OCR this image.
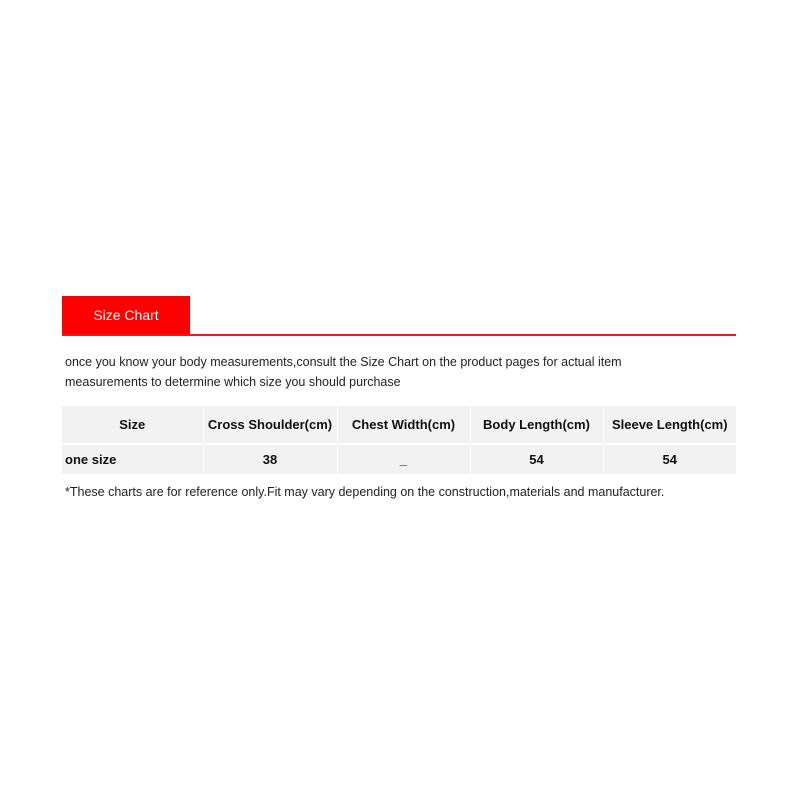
Size Chart
once you know your body measurements,consult the Size Chart on the product pages for actual item
measurements to determine which size you should purchase
Size	Cross Shoulder(cm)	Chest Width(cm)	Body Length(cm)	Sleeve Length(cm)
one size	38	_	54	54
*These charts are for reference only.Fit may vary depending on the construction,materials and manufacturer.
